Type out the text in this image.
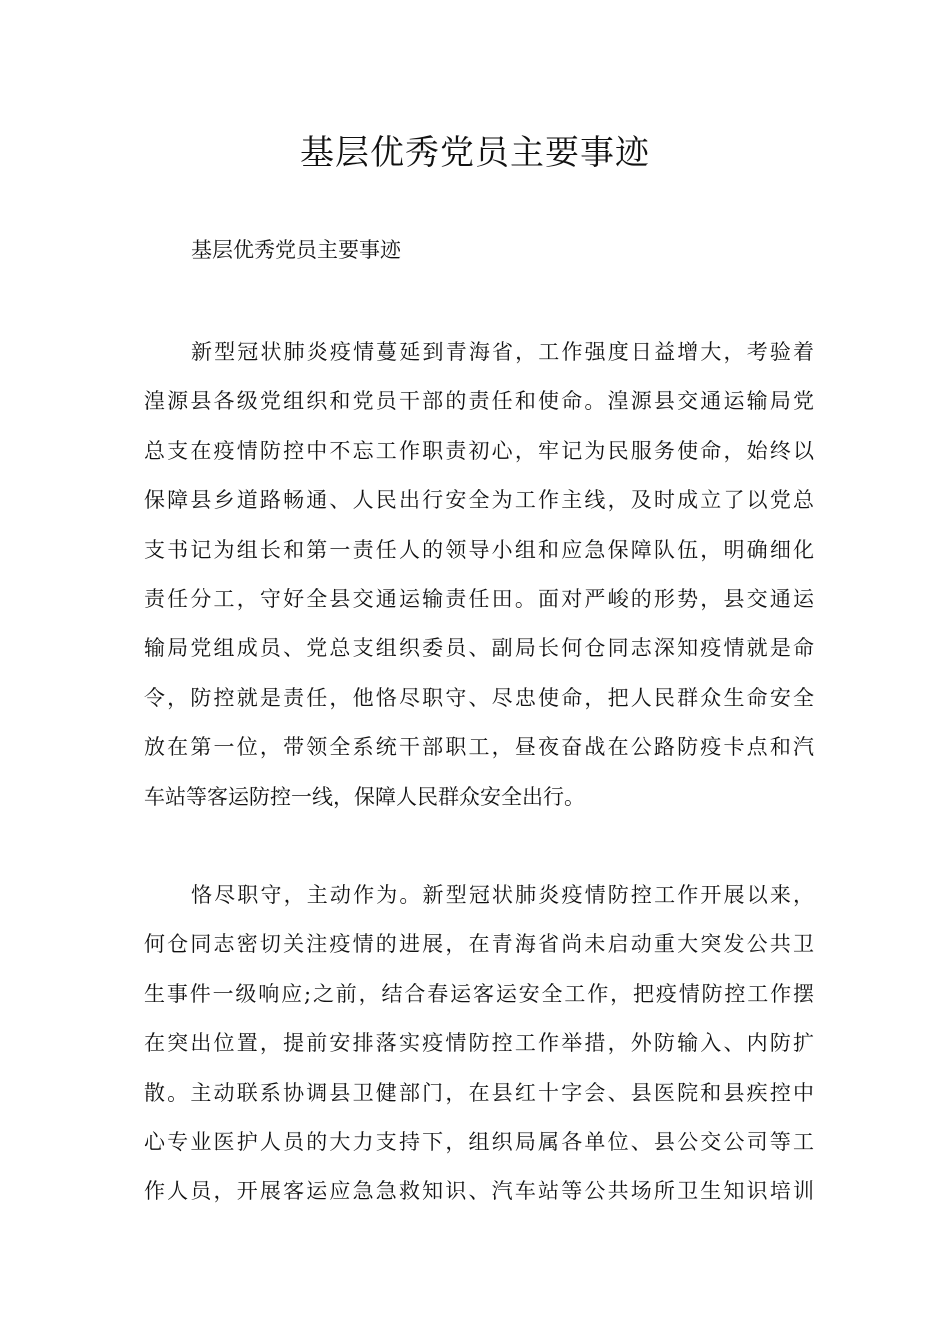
基层优秀党员主要事迹

基层优秀党员主要事迹

新型冠状肺炎疫情蔓延到青海省，工作强度日益增大，考验着
湟源县各级党组织和党员干部的责任和使命。湟源县交通运输局党
总支在疫情防控中不忘工作职责初心，牢记为民服务使命，始终以
保障县乡道路畅通、人民出行安全为工作主线，及时成立了以党总
支书记为组长和第一责任人的领导小组和应急保障队伍，明确细化
责任分工，守好全县交通运输责任田。面对严峻的形势，县交通运
输局党组成员、党总支组织委员、副局长何仓同志深知疫情就是命
令，防控就是责任，他恪尽职守、尽忠使命，把人民群众生命安全
放在第一位，带领全系统干部职工，昼夜奋战在公路防疫卡点和汽
车站等客运防控一线，保障人民群众安全出行。
恪尽职守，主动作为。新型冠状肺炎疫情防控工作开展以来，
何仓同志密切关注疫情的进展，在青海省尚未启动重大突发公共卫
生事件一级响应;之前，结合春运客运安全工作，把疫情防控工作摆
在突出位置，提前安排落实疫情防控工作举措，外防输入、内防扩
散。主动联系协调县卫健部门，在县红十字会、县医院和县疾控中
心专业医护人员的大力支持下，组织局属各单位、县公交公司等工
作人员，开展客运应急急救知识、汽车站等公共场所卫生知识培训
